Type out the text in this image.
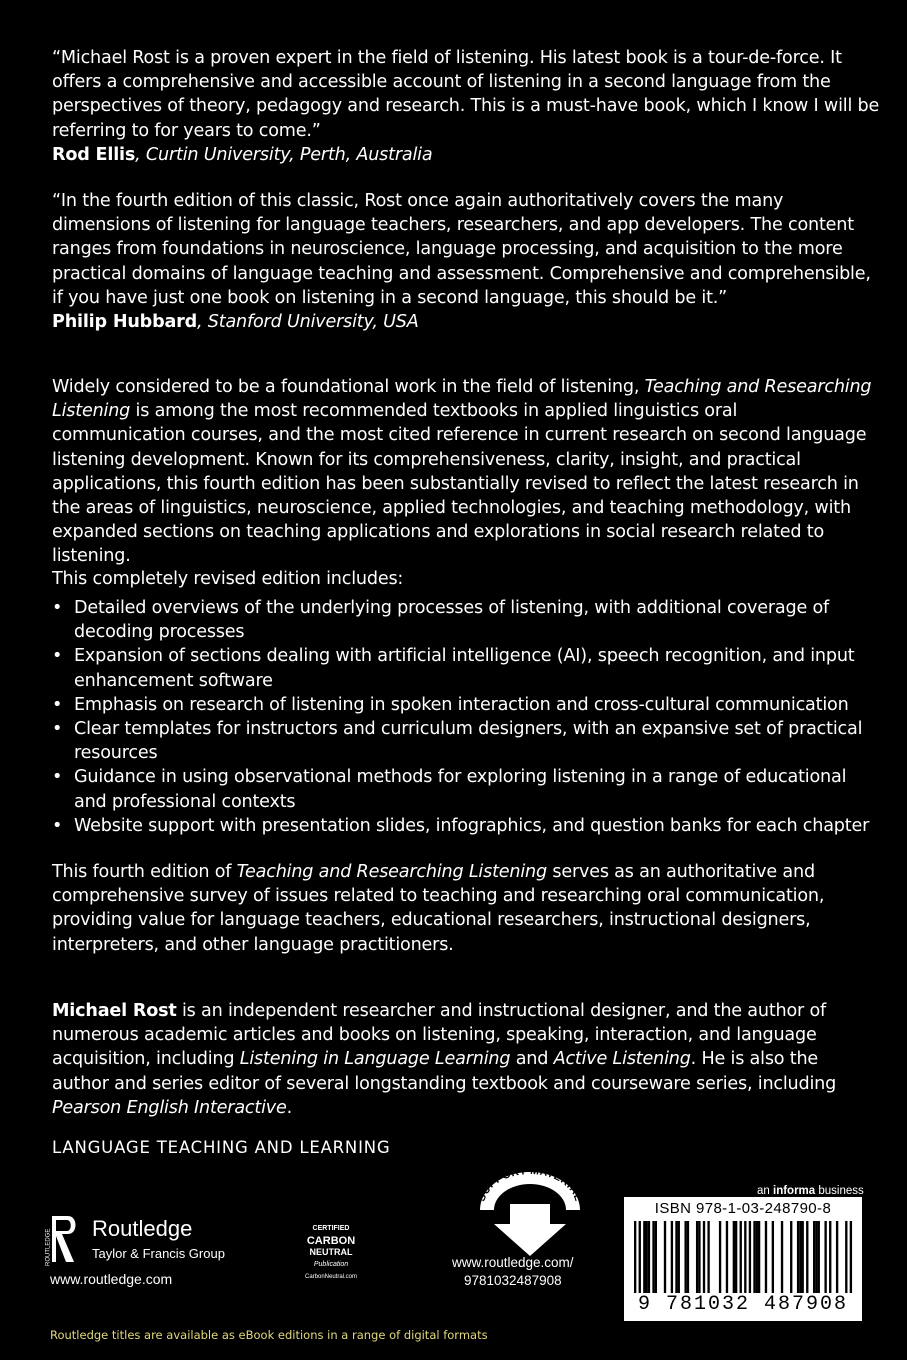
“Michael Rost is a proven expert in the field of listening. His latest book is a tour-de-force. It offers a comprehensive and accessible account of listening in a second language from the perspectives of theory, pedagogy and research. This is a must-have book, which I know I will be referring to for years to come.”
Rod Ellis, Curtin University, Perth, Australia
“In the fourth edition of this classic, Rost once again authoritatively covers the many dimensions of listening for language teachers, researchers, and app developers. The content ranges from foundations in neuroscience, language processing, and acquisition to the more practical domains of language teaching and assessment. Comprehensive and comprehensible, if you have just one book on listening in a second language, this should be it.”
Philip Hubbard, Stanford University, USA

Widely considered to be a foundational work in the field of listening, Teaching and Researching Listening is among the most recommended textbooks in applied linguistics oral communication courses, and the most cited reference in current research on second language listening development. Known for its comprehensiveness, clarity, insight, and practical applications, this fourth edition has been substantially revised to reflect the latest research in the areas of linguistics, neuroscience, applied technologies, and teaching methodology, with expanded sections on teaching applications and explorations in social research related to listening.

This completely revised edition includes:
• Detailed overviews of the underlying processes of listening, with additional coverage of decoding processes
• Expansion of sections dealing with artificial intelligence (AI), speech recognition, and input enhancement software
• Emphasis on research of listening in spoken interaction and cross-cultural communication
• Clear templates for instructors and curriculum designers, with an expansive set of practical resources
• Guidance in using observational methods for exploring listening in a range of educational and professional contexts
• Website support with presentation slides, infographics, and question banks for each chapter

This fourth edition of Teaching and Researching Listening serves as an authoritative and comprehensive survey of issues related to teaching and researching oral communication, providing value for language teachers, educational researchers, instructional designers, interpreters, and other language practitioners.

Michael Rost is an independent researcher and instructional designer, and the author of numerous academic articles and books on listening, speaking, interaction, and language acquisition, including Listening in Language Learning and Active Listening. He is also the author and series editor of several longstanding textbook and courseware series, including Pearson English Interactive.

LANGUAGE TEACHING AND LEARNING
ROUTLEDGE
Routledge
Taylor & Francis Group
www.routledge.com
CERTIFIED
CARBON
NEUTRAL
Publication
CarbonNeutral.com
SUPPORT MATERIAL
www.routledge.com/
9781032487908
an informa business
ISBN 978-1-03-248790-8
9 781032 487908
Routledge titles are available as eBook editions in a range of digital formats
